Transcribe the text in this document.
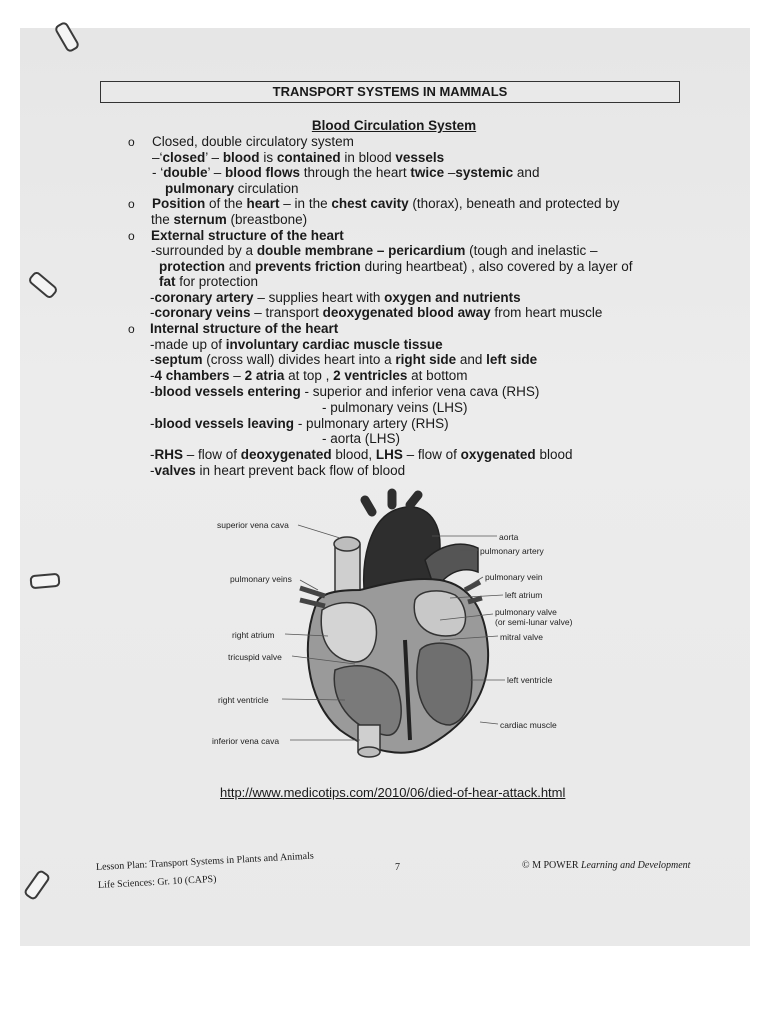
TRANSPORT SYSTEMS IN MAMMALS
Blood Circulation System
o Closed, double circulatory system
–‘closed’ – blood is contained in blood vessels
- ‘double’ – blood flows through the heart twice –systemic and
pulmonary circulation
o Position of the heart – in the chest cavity (thorax), beneath and protected by
the sternum (breastbone)
o External structure of the heart
-surrounded by a double membrane – pericardium (tough and inelastic –
protection and prevents friction during heartbeat) , also covered by a layer of
fat for protection
-coronary artery – supplies heart with oxygen and nutrients
-coronary veins – transport deoxygenated blood away from heart muscle
o Internal structure of the heart
-made up of involuntary cardiac muscle tissue
-septum (cross wall) divides heart into a right side and left side
-4 chambers – 2 atria at top , 2 ventricles at bottom
-blood vessels entering - superior and inferior vena cava (RHS)
- pulmonary veins (LHS)
-blood vessels leaving - pulmonary artery (RHS)
- aorta (LHS)
-RHS – flow of deoxygenated blood, LHS – flow of oxygenated blood
-valves in heart prevent back flow of blood
superior vena cava
pulmonary veins
right atrium
tricuspid valve
right ventricle
inferior vena cava
aorta
pulmonary artery
pulmonary vein
left atrium
pulmonary valve
(or semi-lunar valve)
mitral valve
left ventricle
cardiac muscle
http://www.medicotips.com/2010/06/died-of-hear-attack.html
Lesson Plan: Transport Systems in Plants and Animals
Life Sciences: Gr. 10 (CAPS)
7	© M POWER Learning and Development
